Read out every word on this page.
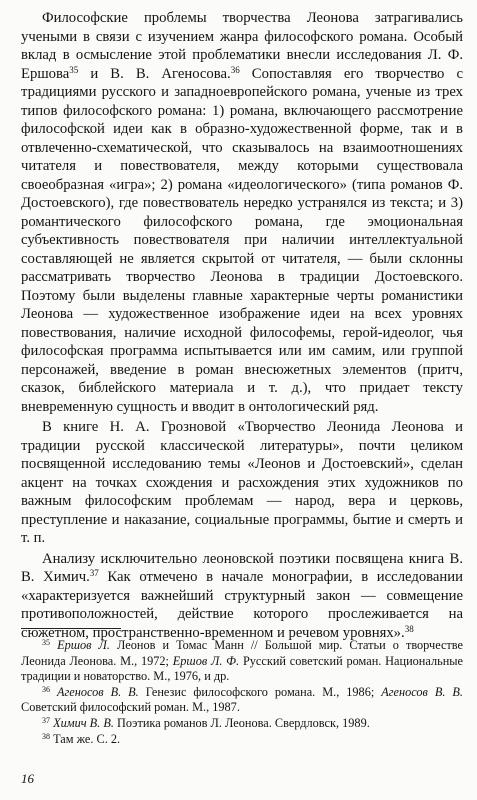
Философские проблемы творчества Леонова затрагивались учеными в связи с изучением жанра философского романа. Особый вклад в осмысление этой проблематики внесли исследования Л. Ф. Ершова$^{35}$ и В. В. Агеносова.$^{36}$ Сопоставляя его творчество с традициями русского и западноевропейского романа, ученые из трех типов философского романа: 1) романа, включающего рассмотрение философской идеи как в образно-художественной форме, так и в отвлеченно-схематической, что сказывалось на взаимоотношениях читателя и повествователя, между которыми существовала своеобразная «игра»; 2) романа «идеологического» (типа романов Ф. Достоевского), где повествователь нередко устранялся из текста; и 3) романтического философского романа, где эмоциональная субъективность повествователя при наличии интеллектуальной составляющей не является скрытой от читателя, — были склонны рассматривать творчество Леонова в традиции Достоевского. Поэтому были выделены главные характерные черты романистики Леонова — художественное изображение идеи на всех уровнях повествования, наличие исходной философемы, герой-идеолог, чья философская программа испытывается или им самим, или группой персонажей, введение в роман внесюжетных элементов (притч, сказок, библейского материала и т. д.), что придает тексту вневременную сущность и вводит в онтологический ряд.

В книге Н. А. Грозновой «Творчество Леонида Леонова и традиции русской классической литературы», почти целиком посвященной исследованию темы «Леонов и Достоевский», сделан акцент на точках схождения и расхождения этих художников по важным философским проблемам — народ, вера и церковь, преступление и наказание, социальные программы, бытие и смерть и т. п.

Анализу исключительно леоновской поэтики посвящена книга В. В. Химич.$^{37}$ Как отмечено в начале монографии, в исследовании «характеризуется важнейший структурный закон — совмещение противоположностей, действие которого прослеживается на сюжетном, пространственно-временном и речевом уровнях».$^{38}$

$^{35}$ Ершов Л. Леонов и Томас Манн // Большой мир. Статьи о творчестве Леонида Леонова. М., 1972; Ершов Л. Ф. Русский советский роман. Национальные традиции и новаторство. М., 1976, и др.

$^{36}$ Агеносов В. В. Генезис философского романа. М., 1986; Агеносов В. В. Советский философский роман. М., 1987.

$^{37}$ Химич В. В. Поэтика романов Л. Леонова. Свердловск, 1989.

$^{38}$ Там же. С. 2.

16
